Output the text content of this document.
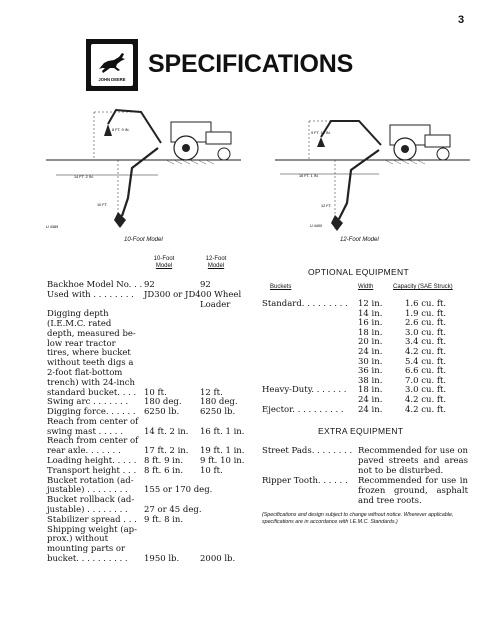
3
JOHN DEERE
SPECIFICATIONS
8 FT. 9 IN.
14 FT. 2 IN.
10 FT.
U 4389
10-Foot Model
9 FT. 10 IN.
16 FT. 1 IN.
12 FT.
U 4400
12-Foot Model
10-Foot
Model
12-Foot
Model
Backhoe Model No. . . 92	92
Used with . . . . . . . .	JD300 or JD400 Wheel
Loader
Digging depth
(I.E.M.C. rated
depth, measured be-
low rear tractor
tires, where bucket
without teeth digs a
2-foot flat-bottom
trench) with 24-inch
standard bucket. . . . 10 ft.	12 ft.
Swing arc . . . . . . .	180 deg. 180 deg.
Digging force. . . . . . 6250 lb. 6250 lb.
Reach from center of
swing mast . . . . .	14 ft. 2 in. 16 ft. 1 in.
Reach from center of
rear axle. . . . . . .	17 ft. 2 in. 19 ft. 1 in.
Loading height. . . . . 8 ft. 9 in. 9 ft. 10 in.
Transport height . . . 8 ft. 6 in. 10 ft.
Bucket rotation (ad-
justable) . . . . . . . .	155 or 170 deg.
Bucket rollback (ad-
justable) . . . . . . . .	27 or 45 deg.
Stabilizer spread . . . 9 ft. 8 in.
Shipping weight (ap-
prox.) without
mounting parts or
bucket. . . . . . . . . .	1950 lb. 2000 lb.
OPTIONAL EQUIPMENT
Buckets	Width	Capacity (SAE Struck)
Standard. . . . . . . . . 12 in.	1.6 cu. ft.
14 in.	1.9 cu. ft.
16 in.	2.6 cu. ft.
18 in.	3.0 cu. ft.
20 in.	3.4 cu. ft.
24 in.	4.2 cu. ft.
30 in.	5.4 cu. ft.
36 in.	6.6 cu. ft.
38 in.	7.0 cu. ft.
Heavy-Duty. . . . . . . 18 in.	3.0 cu. ft.
24 in.	4.2 cu. ft.
Ejector. . . . . . . . . . 24 in.	4.2 cu. ft.
EXTRA EQUIPMENT
Street Pads. . . . . . . . Recommended for use on paved streets and areas not to be disturbed.
Ripper Tooth. . . . . . Recommended for use in frozen ground, asphalt and tree roots.
(Specifications and design subject to change without notice. Wherever applicable, specifications are in accordance with I.E.M.C. Standards.)
